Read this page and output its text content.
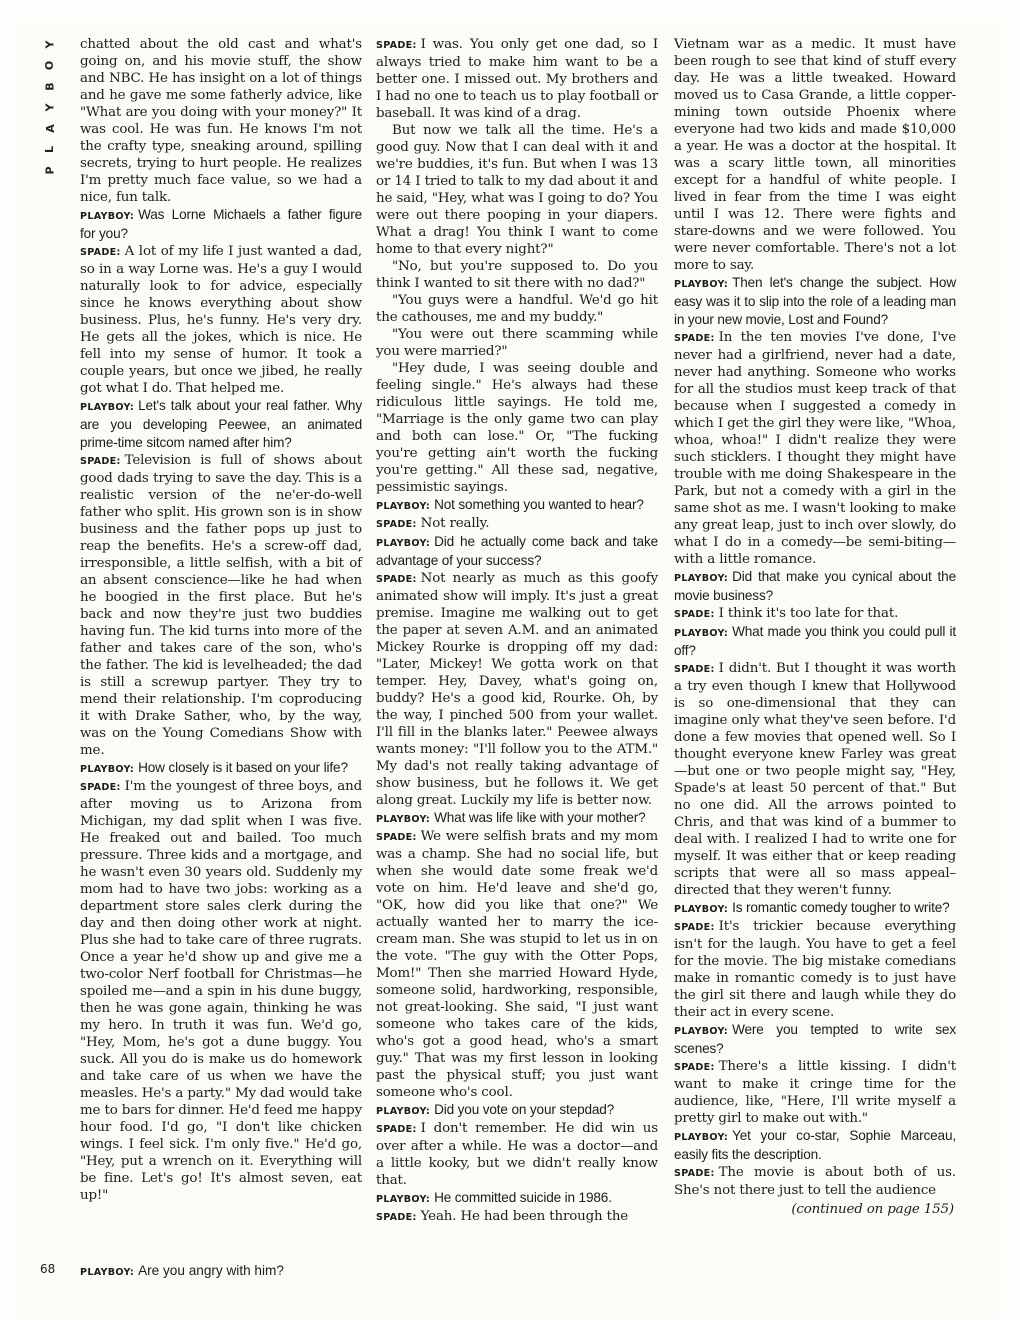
Y
O
B
Y
A
L
P

chatted about the old cast and what's going on, and his movie stuff, the show and NBC. He has insight on a lot of things and he gave me some fatherly advice, like "What are you doing with your money?" It was cool. He was fun. He knows I'm not the crafty type, sneaking around, spilling secrets, trying to hurt people. He realizes I'm pretty much face value, so we had a nice, fun talk.

PLAYBOY: Was Lorne Michaels a father figure for you?

SPADE: A lot of my life I just wanted a dad, so in a way Lorne was. He's a guy I would naturally look to for advice, especially since he knows everything about show business. Plus, he's funny. He's very dry. He gets all the jokes, which is nice. He fell into my sense of humor. It took a couple years, but once we jibed, he really got what I do. That helped me.

PLAYBOY: Let's talk about your real father. Why are you developing Peewee, an animated prime-time sitcom named after him?

SPADE: Television is full of shows about good dads trying to save the day. This is a realistic version of the ne'er-do-well father who split. His grown son is in show business and the father pops up just to reap the benefits. He's a screw-off dad, irresponsible, a little selfish, with a bit of an absent conscience—like he had when he boogied in the first place. But he's back and now they're just two buddies having fun. The kid turns into more of the father and takes care of the son, who's the father. The kid is levelheaded; the dad is still a screwup partyer. They try to mend their relationship. I'm coproducing it with Drake Sather, who, by the way, was on the Young Comedians Show with me.

PLAYBOY: How closely is it based on your life?

SPADE: I'm the youngest of three boys, and after moving us to Arizona from Michigan, my dad split when I was five. He freaked out and bailed. Too much pressure. Three kids and a mortgage, and he wasn't even 30 years old. Suddenly my mom had to have two jobs: working as a department store sales clerk during the day and then doing other work at night. Plus she had to take care of three rugrats. Once a year he'd show up and give me a two-color Nerf football for Christmas—he spoiled me—and a spin in his dune buggy, then he was gone again, thinking he was my hero. In truth it was fun. We'd go, "Hey, Mom, he's got a dune buggy. You suck. All you do is make us do homework and take care of us when we have the measles. He's a party." My dad would take me to bars for dinner. He'd feed me happy hour food. I'd go, "I don't like chicken wings. I feel sick. I'm only five." He'd go, "Hey, put a wrench on it. Everything will be fine. Let's go! It's almost seven, eat up!"

SPADE: I was. You only get one dad, so I always tried to make him want to be a better one. I missed out. My brothers and I had no one to teach us to play football or baseball. It was kind of a drag.

But now we talk all the time. He's a good guy. Now that I can deal with it and we're buddies, it's fun. But when I was 13 or 14 I tried to talk to my dad about it and he said, "Hey, what was I going to do? You were out there pooping in your diapers. What a drag! You think I want to come home to that every night?"

"No, but you're supposed to. Do you think I wanted to sit there with no dad?"

"You guys were a handful. We'd go hit the cathouses, me and my buddy."

"You were out there scamming while you were married?"

"Hey dude, I was seeing double and feeling single." He's always had these ridiculous little sayings. He told me, "Marriage is the only game two can play and both can lose." Or, "The fucking you're getting ain't worth the fucking you're getting." All these sad, negative, pessimistic sayings.

PLAYBOY: Not something you wanted to hear?

SPADE: Not really.

PLAYBOY: Did he actually come back and take advantage of your success?

SPADE: Not nearly as much as this goofy animated show will imply. It's just a great premise. Imagine me walking out to get the paper at seven A.M. and an animated Mickey Rourke is dropping off my dad: "Later, Mickey! We gotta work on that temper. Hey, Davey, what's going on, buddy? He's a good kid, Rourke. Oh, by the way, I pinched 500 from your wallet. I'll fill in the blanks later." Peewee always wants money: "I'll follow you to the ATM." My dad's not really taking advantage of show business, but he follows it. We get along great. Luckily my life is better now.

PLAYBOY: What was life like with your mother?

SPADE: We were selfish brats and my mom was a champ. She had no social life, but when she would date some freak we'd vote on him. He'd leave and she'd go, "OK, how did you like that one?" We actually wanted her to marry the ice-cream man. She was stupid to let us in on the vote. "The guy with the Otter Pops, Mom!" Then she married Howard Hyde, someone solid, hardworking, responsible, not great-looking. She said, "I just want someone who takes care of the kids, who's got a good head, who's a smart guy." That was my first lesson in looking past the physical stuff; you just want someone who's cool.

PLAYBOY: Did you vote on your stepdad?

SPADE: I don't remember. He did win us over after a while. He was a doctor—and a little kooky, but we didn't really know that.

PLAYBOY: He committed suicide in 1986.

SPADE: Yeah. He had been through the

Vietnam war as a medic. It must have been rough to see that kind of stuff every day. He was a little tweaked. Howard moved us to Casa Grande, a little copper-mining town outside Phoenix where everyone had two kids and made $10,000 a year. He was a doctor at the hospital. It was a scary little town, all minorities except for a handful of white people. I lived in fear from the time I was eight until I was 12. There were fights and stare-downs and we were followed. You were never comfortable. There's not a lot more to say.

PLAYBOY: Then let's change the subject. How easy was it to slip into the role of a leading man in your new movie, Lost and Found?

SPADE: In the ten movies I've done, I've never had a girlfriend, never had a date, never had anything. Someone who works for all the studios must keep track of that because when I suggested a comedy in which I get the girl they were like, "Whoa, whoa, whoa!" I didn't realize they were such sticklers. I thought they might have trouble with me doing Shakespeare in the Park, but not a comedy with a girl in the same shot as me. I wasn't looking to make any great leap, just to inch over slowly, do what I do in a comedy—be semi-biting—with a little romance.

PLAYBOY: Did that make you cynical about the movie business?

SPADE: I think it's too late for that.

PLAYBOY: What made you think you could pull it off?

SPADE: I didn't. But I thought it was worth a try even though I knew that Hollywood is so one-dimensional that they can imagine only what they've seen before. I'd done a few movies that opened well. So I thought everyone knew Farley was great—but one or two people might say, "Hey, Spade's at least 50 percent of that." But no one did. All the arrows pointed to Chris, and that was kind of a bummer to deal with. I realized I had to write one for myself. It was either that or keep reading scripts that were all so mass appeal–directed that they weren't funny.

PLAYBOY: Is romantic comedy tougher to write?

SPADE: It's trickier because everything isn't for the laugh. You have to get a feel for the movie. The big mistake comedians make in romantic comedy is to just have the girl sit there and laugh while they do their act in every scene.

PLAYBOY: Were you tempted to write sex scenes?

SPADE: There's a little kissing. I didn't want to make it cringe time for the audience, like, "Here, I'll write myself a pretty girl to make out with."

PLAYBOY: Yet your co-star, Sophie Marceau, easily fits the description.

SPADE: The movie is about both of us. She's not there just to tell the audience

(continued on page 155)
68	PLAYBOY: Are you angry with him?
